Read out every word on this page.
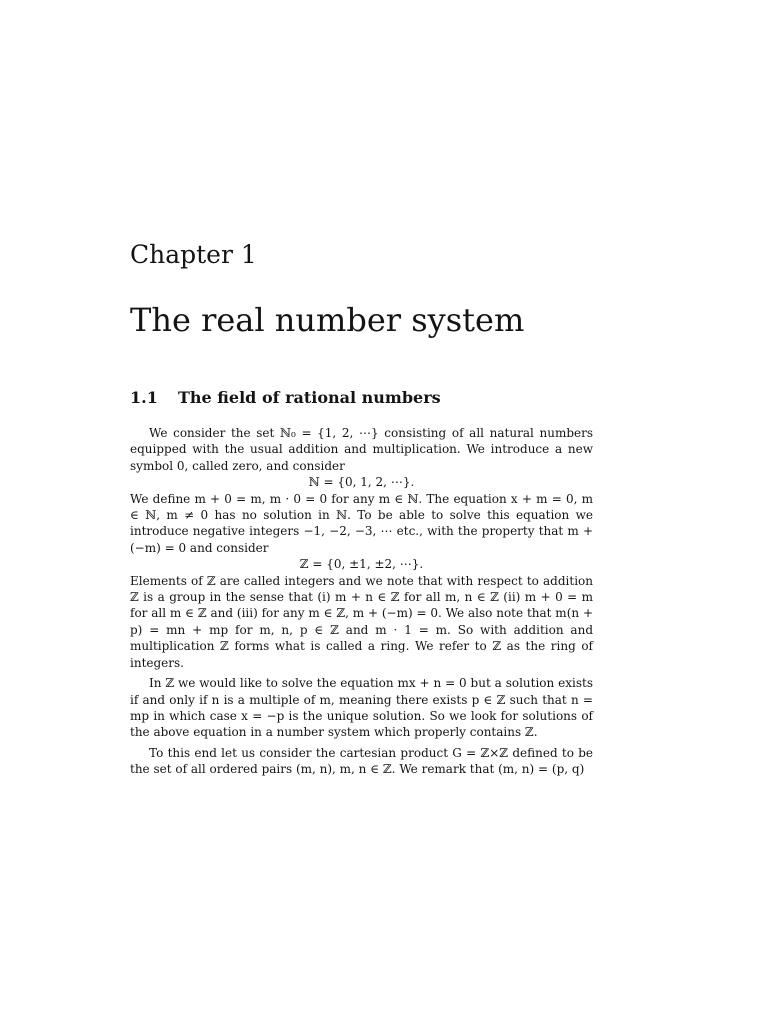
Chapter 1
The real number system
1.1 The field of rational numbers

We consider the set ℕ₀ = {1, 2, ⋯} consisting of all natural numbers equipped with the usual addition and multiplication. We introduce a new symbol 0, called zero, and consider

ℕ = {0, 1, 2, ⋯}.

We define m + 0 = m, m · 0 = 0 for any m ∈ ℕ. The equation x + m = 0, m ∈ ℕ, m ≠ 0 has no solution in ℕ. To be able to solve this equation we introduce negative integers −1, −2, −3, ⋯ etc., with the property that m + (−m) = 0 and consider

ℤ = {0, ±1, ±2, ⋯}.

Elements of ℤ are called integers and we note that with respect to addition ℤ is a group in the sense that (i) m + n ∈ ℤ for all m, n ∈ ℤ (ii) m + 0 = m for all m ∈ ℤ and (iii) for any m ∈ ℤ, m + (−m) = 0. We also note that m(n + p) = mn + mp for m, n, p ∈ ℤ and m · 1 = m. So with addition and multiplication ℤ forms what is called a ring. We refer to ℤ as the ring of integers.

In ℤ we would like to solve the equation mx + n = 0 but a solution exists if and only if n is a multiple of m, meaning there exists p ∈ ℤ such that n = mp in which case x = −p is the unique solution. So we look for solutions of the above equation in a number system which properly contains ℤ.

To this end let us consider the cartesian product G = ℤ×ℤ defined to be the set of all ordered pairs (m, n), m, n ∈ ℤ. We remark that (m, n) = (p, q)
